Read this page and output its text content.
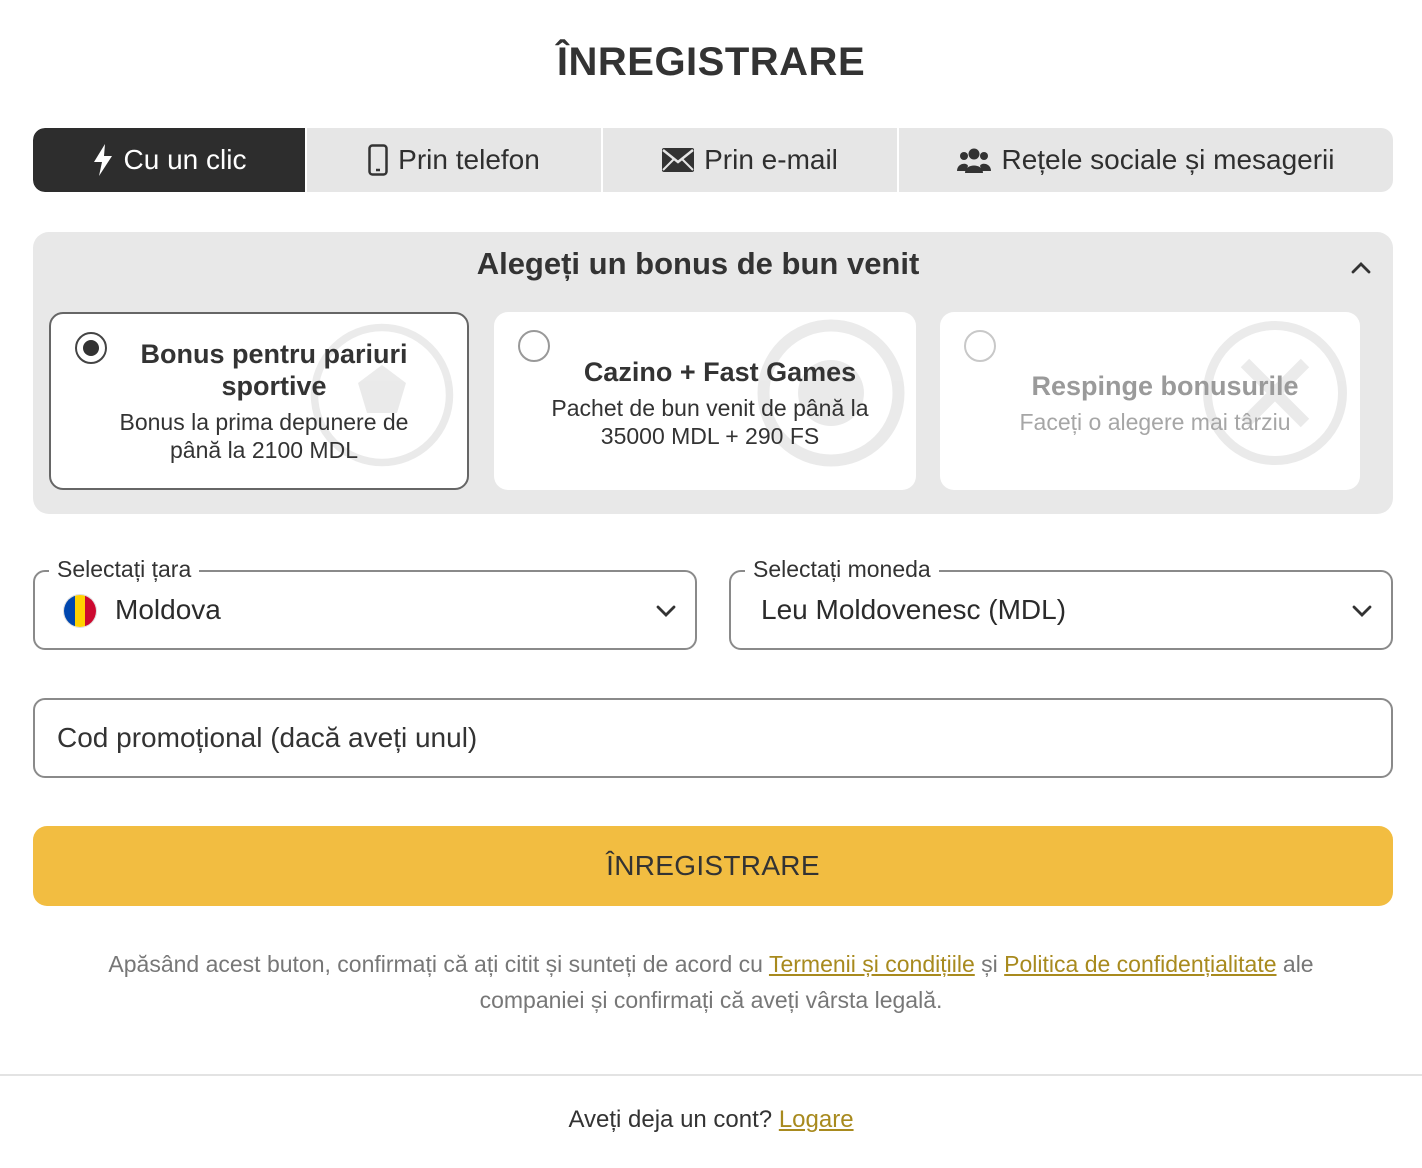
ÎNREGISTRARE
Cu un clic	Prin telefon	Prin e-mail	Rețele sociale și mesagerii
Alegeți un bonus de bun venit
Bonus pentru pariuri sportive
Bonus la prima depunere de până la 2100 MDL
Cazino + Fast Games
Pachet de bun venit de până la 35000 MDL + 290 FS
Respinge bonusurile
Faceți o alegere mai târziu
Selectați țara
Moldova
Selectați moneda
Leu Moldovenesc (MDL)
Cod promoțional (dacă aveți unul)
ÎNREGISTRARE

Apăsând acest buton, confirmați că ați citit și sunteți de acord cu Termenii și condițiile și Politica de confidențialitate ale companiei și confirmați că aveți vârsta legală.

Aveți deja un cont? Logare
